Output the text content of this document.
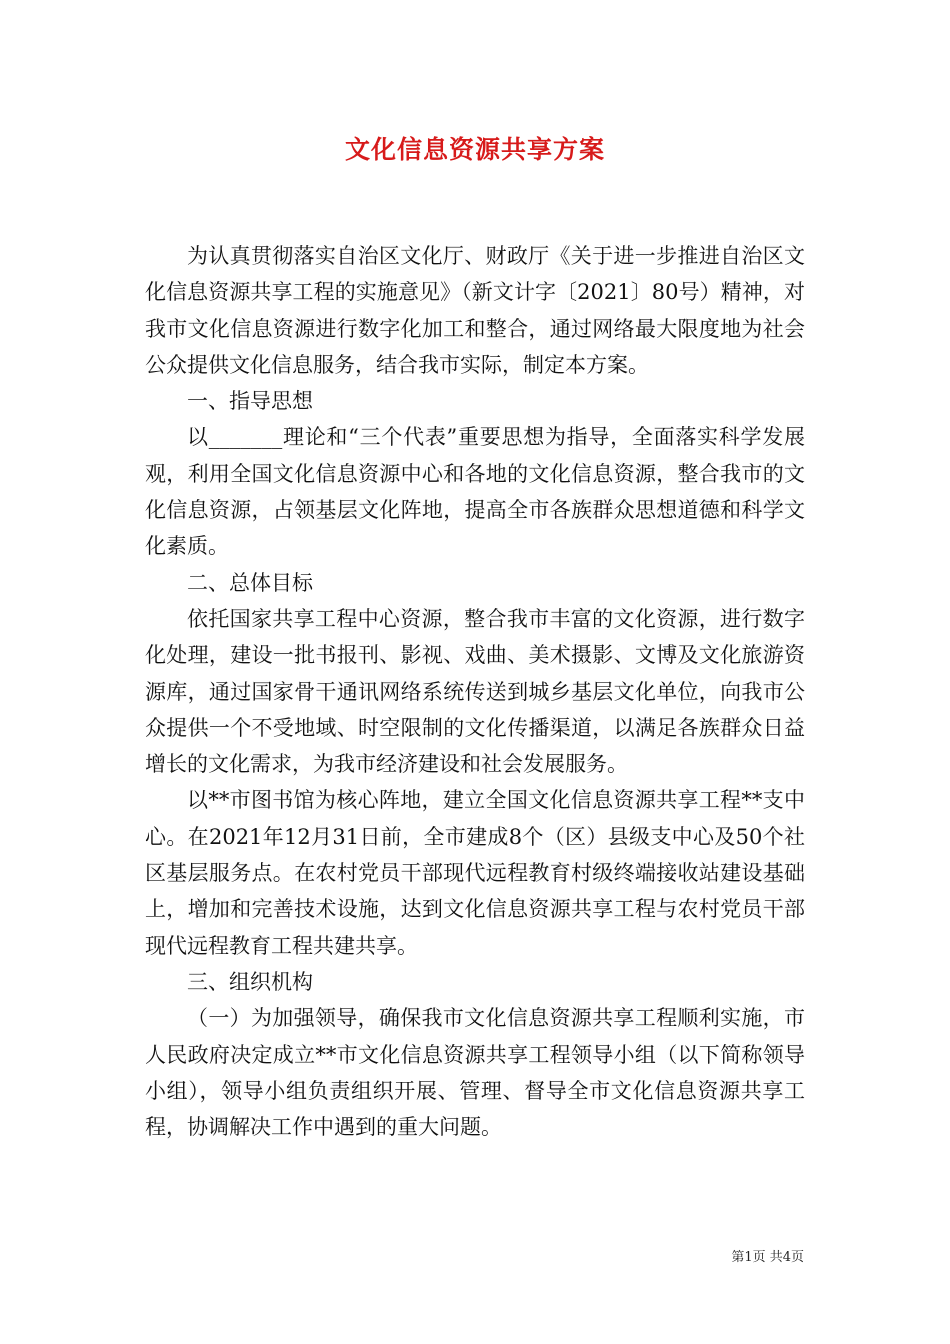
文化信息资源共享方案

为认真贯彻落实自治区文化厅、财政厅《关于进一步推进自治区文化信息资源共享工程的实施意见》（新文计字〔2021〕80号）精神，对我市文化信息资源进行数字化加工和整合，通过网络最大限度地为社会公众提供文化信息服务，结合我市实际，制定本方案。

一、指导思想

以_______理论和“三个代表”重要思想为指导，全面落实科学发展观，利用全国文化信息资源中心和各地的文化信息资源，整合我市的文化信息资源，占领基层文化阵地，提高全市各族群众思想道德和科学文化素质。

二、总体目标

依托国家共享工程中心资源，整合我市丰富的文化资源，进行数字化处理，建设一批书报刊、影视、戏曲、美术摄影、文博及文化旅游资源库，通过国家骨干通讯网络系统传送到城乡基层文化单位，向我市公众提供一个不受地域、时空限制的文化传播渠道，以满足各族群众日益增长的文化需求，为我市经济建设和社会发展服务。

以**市图书馆为核心阵地，建立全国文化信息资源共享工程**支中心。在2021年12月31日前，全市建成8个（区）县级支中心及50个社区基层服务点。在农村党员干部现代远程教育村级终端接收站建设基础上，增加和完善技术设施，达到文化信息资源共享工程与农村党员干部现代远程教育工程共建共享。

三、组织机构

（一）为加强领导，确保我市文化信息资源共享工程顺利实施，市人民政府决定成立**市文化信息资源共享工程领导小组（以下简称领导小组），领导小组负责组织开展、管理、督导全市文化信息资源共享工程，协调解决工作中遇到的重大问题。

第1页 共4页
